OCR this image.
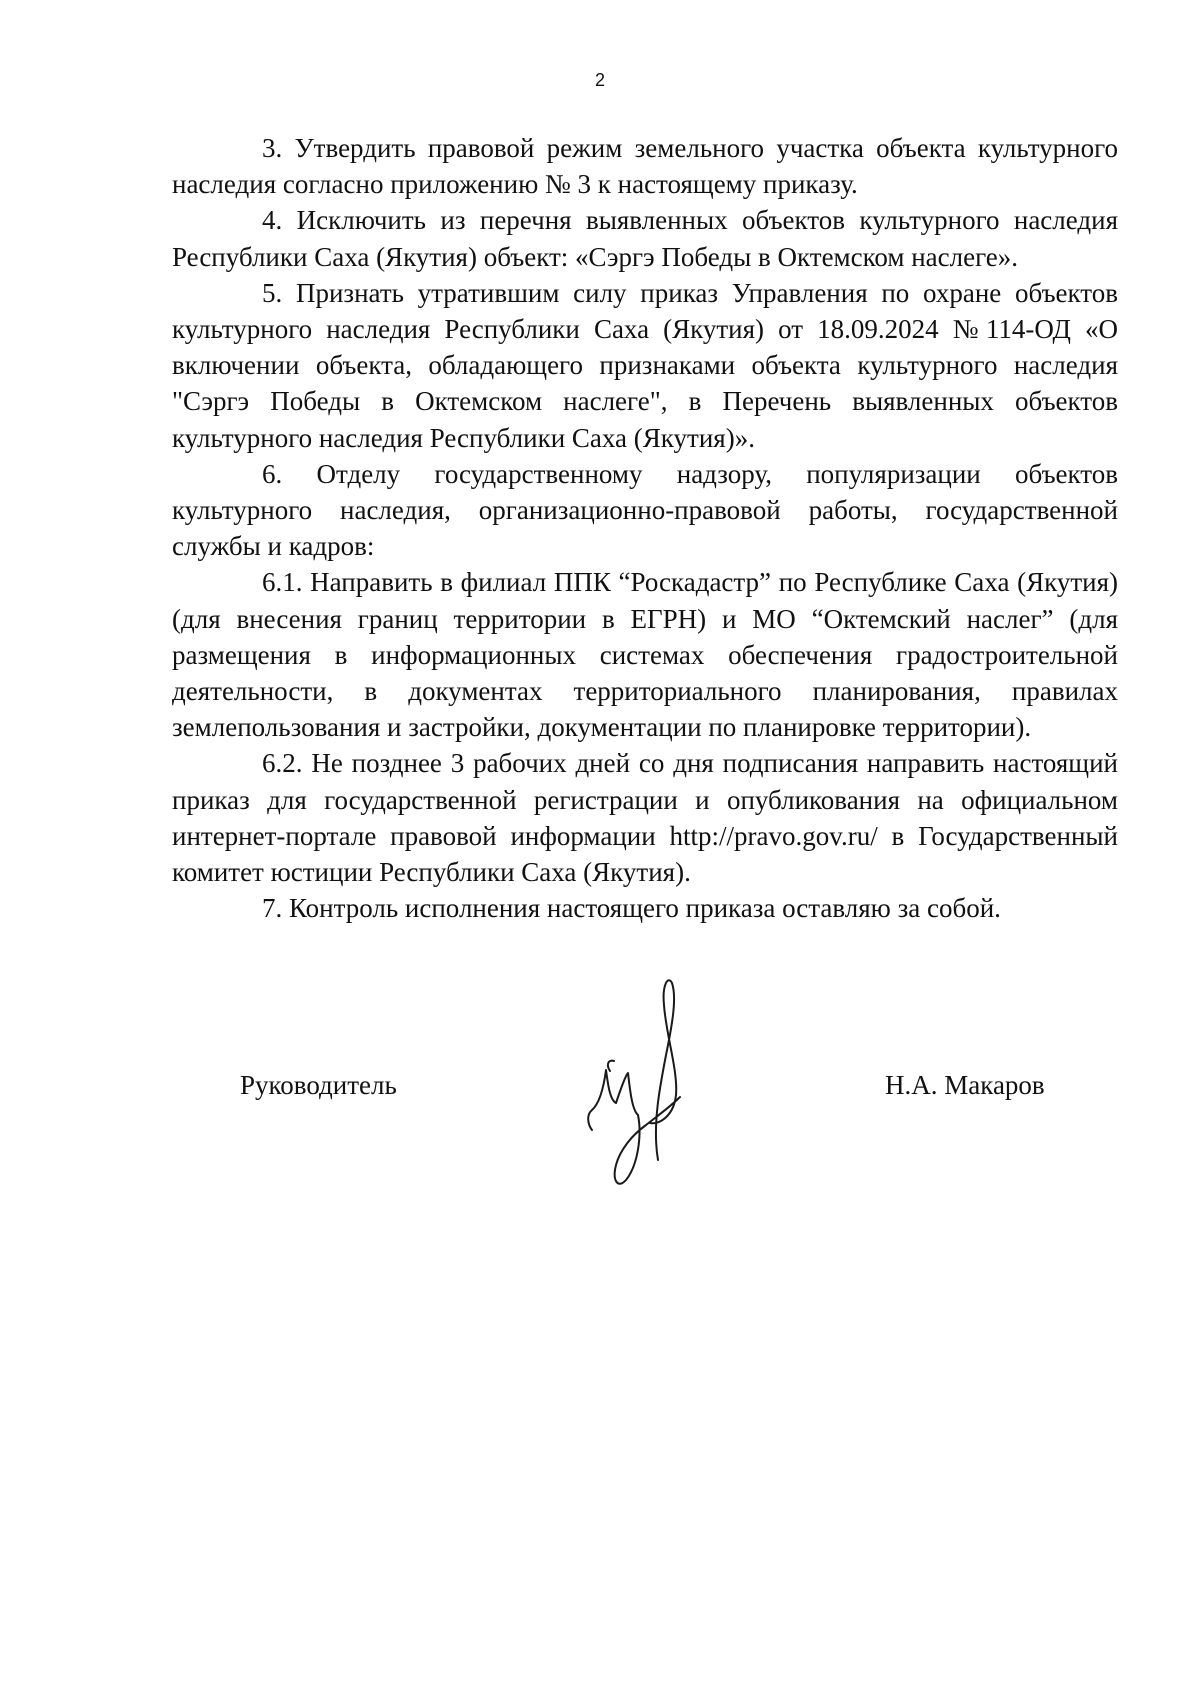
2

3. Утвердить правовой режим земельного участка объекта культурного наследия согласно приложению № 3 к настоящему приказу.

4. Исключить из перечня выявленных объектов культурного наследия Республики Саха (Якутия) объект: «Сэргэ Победы в Октемском наслеге».

5. Признать утратившим силу приказ Управления по охране объектов культурного наследия Республики Саха (Якутия) от 18.09.2024 №114-ОД «О включении объекта, обладающего признаками объекта культурного наследия "Сэргэ Победы в Октемском наслеге", в Перечень выявленных объектов культурного наследия Республики Саха (Якутия)».

6. Отделу государственному надзору, популяризации объектов культурного наследия, организационно-правовой работы, государственной службы и кадров:

6.1. Направить в филиал ППК “Роскадастр” по Республике Саха (Якутия) (для внесения границ территории в ЕГРН) и МО “Октемский наслег” (для размещения в информационных системах обеспечения градостроительной деятельности, в документах территориального планирования, правилах землепользования и застройки, документации по планировке территории).

6.2. Не позднее 3 рабочих дней со дня подписания направить настоящий приказ для государственной регистрации и опубликования на официальном интернет-портале правовой информации http://pravo.gov.ru/ в Государственный комитет юстиции Республики Саха (Якутия).

7. Контроль исполнения настоящего приказа оставляю за собой.

Руководитель	Н.А. Макаров
